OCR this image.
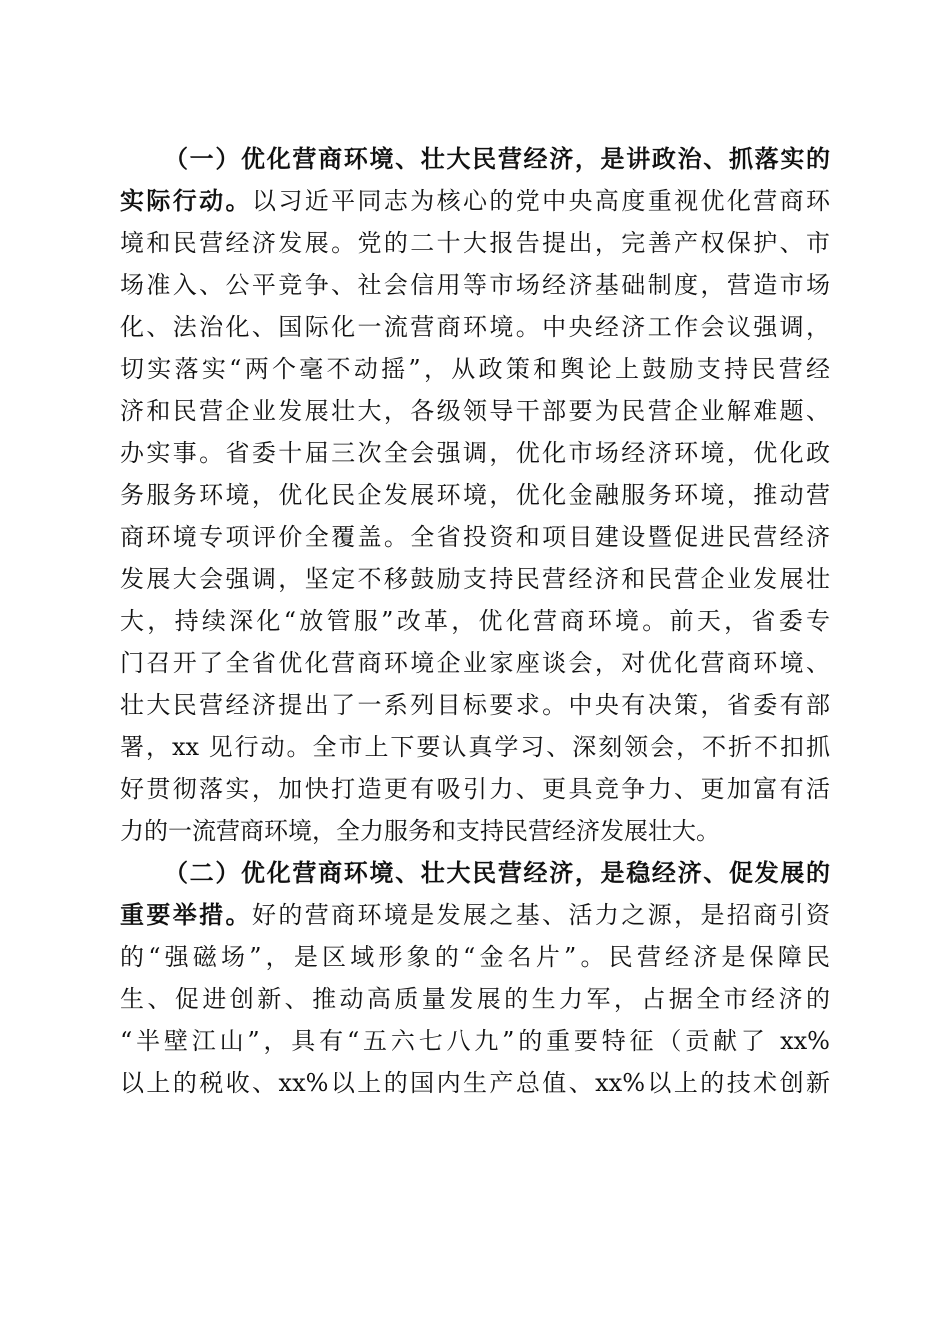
（一）优化营商环境、壮大民营经济，是讲政治、抓落实的
实际行动。以习近平同志为核心的党中央高度重视优化营商环
境和民营经济发展。党的二十大报告提出，完善产权保护、市
场准入、公平竞争、社会信用等市场经济基础制度，营造市场
化、法治化、国际化一流营商环境。中央经济工作会议强调，
切实落实“两个毫不动摇”，从政策和舆论上鼓励支持民营经
济和民营企业发展壮大，各级领导干部要为民营企业解难题、
办实事。省委十届三次全会强调，优化市场经济环境，优化政
务服务环境，优化民企发展环境，优化金融服务环境，推动营
商环境专项评价全覆盖。全省投资和项目建设暨促进民营经济
发展大会强调，坚定不移鼓励支持民营经济和民营企业发展壮
大，持续深化“放管服”改革，优化营商环境。前天，省委专
门召开了全省优化营商环境企业家座谈会，对优化营商环境、
壮大民营经济提出了一系列目标要求。中央有决策，省委有部
署，xx 见行动。全市上下要认真学习、深刻领会，不折不扣抓
好贯彻落实，加快打造更有吸引力、更具竞争力、更加富有活
力的一流营商环境，全力服务和支持民营经济发展壮大。
（二）优化营商环境、壮大民营经济，是稳经济、促发展的
重要举措。好的营商环境是发展之基、活力之源，是招商引资
的“强磁场”，是区域形象的“金名片”。民营经济是保障民
生、促进创新、推动高质量发展的生力军，占据全市经济的
“半壁江山”，具有“五六七八九”的重要特征（贡献了 xx%
以上的税收、xx%以上的国内生产总值、xx%以上的技术创新
